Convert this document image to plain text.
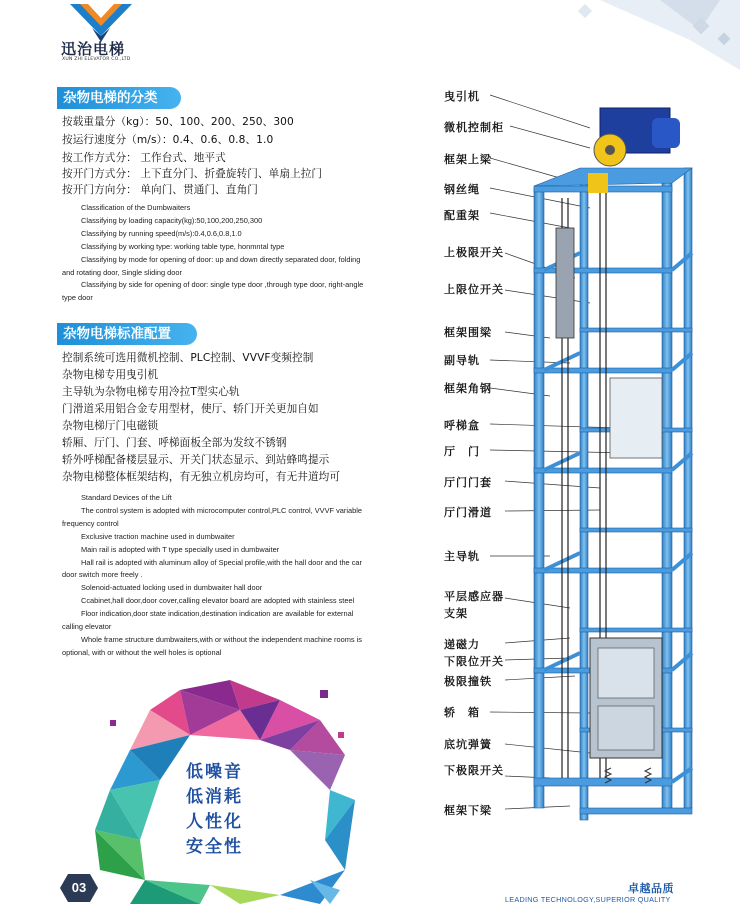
迅治电梯
XUN ZHI ELEVATOR CO.,LTD
杂物电梯的分类
按载重量分（kg）：50、100、200、250、300
按运行速度分（m/s）：0.4、0.6、0.8、1.0
按工作方式分： 工作台式、地平式
按开门方式分： 上下直分门、折叠旋转门、单扇上拉门
按开门方向分： 单向门、贯通门、直角门

Classification of the Dumbwaiters

Classifying by loading capacity(kg):50,100,200,250,300

Classifying by running speed(m/s):0.4,0.6,0.8,1.0

Classifying by working type: working table type, honmntal type

Classifying by mode for opening of door: up and down directly separated door, folding and rotating door, Single sliding door

Classifying by side for opening of door: single type door ,through type door, right-angle type door

杂物电梯标准配置
控制系统可选用微机控制、PLC控制、VVVF变频控制
杂物电梯专用曳引机
主导轨为杂物电梯专用冷拉T型实心轨
门滑道采用铝合金专用型材，使厅、轿门开关更加自如
杂物电梯厅门电磁锁
轿厢、厅门、门套、呼梯面板全部为发纹不锈钢
轿外呼梯配备楼层显示、开关门状态显示、到站蜂鸣提示
杂物电梯整体框架结构，有无独立机房均可，有无井道均可

Standard Devices of the Lift

The control system is adopted with microcomputer control,PLC control, VVVF variable frequency control

Exclusive traction machine used in dumbwaiter

Main rail is adopted with T type specially used in dumbwaiter

Hall rail is adopted with aluminum alloy of Special profile,with the hall door and the car door switch more freely .

Solenoid-actuated locking used in dumbwaiter hall door

Ccabinet,hall door,door cover,calling elevator board are adopted with stainless steel

Floor indication,door state indication,destination indication are available for external calling elevator

Whole frame structure dumbwaiters,with or without the independent machine rooms is optional, with or without the well holes is optional

低噪音
低消耗
人性化
安全性
03	卓越品质
LEADING TECHNOLOGY,SUPERIOR QUALITY
曳引机
微机控制柜
框架上梁
钢丝绳
配重架
上极限开关
上限位开关
框架围梁
副导轨
框架角钢
呼梯盒
厅　门
厅门门套
厅门滑道
主导轨
平层感应器支架
递磁力
下限位开关
极限撞铁
轿　箱
底坑弹簧
下极限开关
框架下梁
